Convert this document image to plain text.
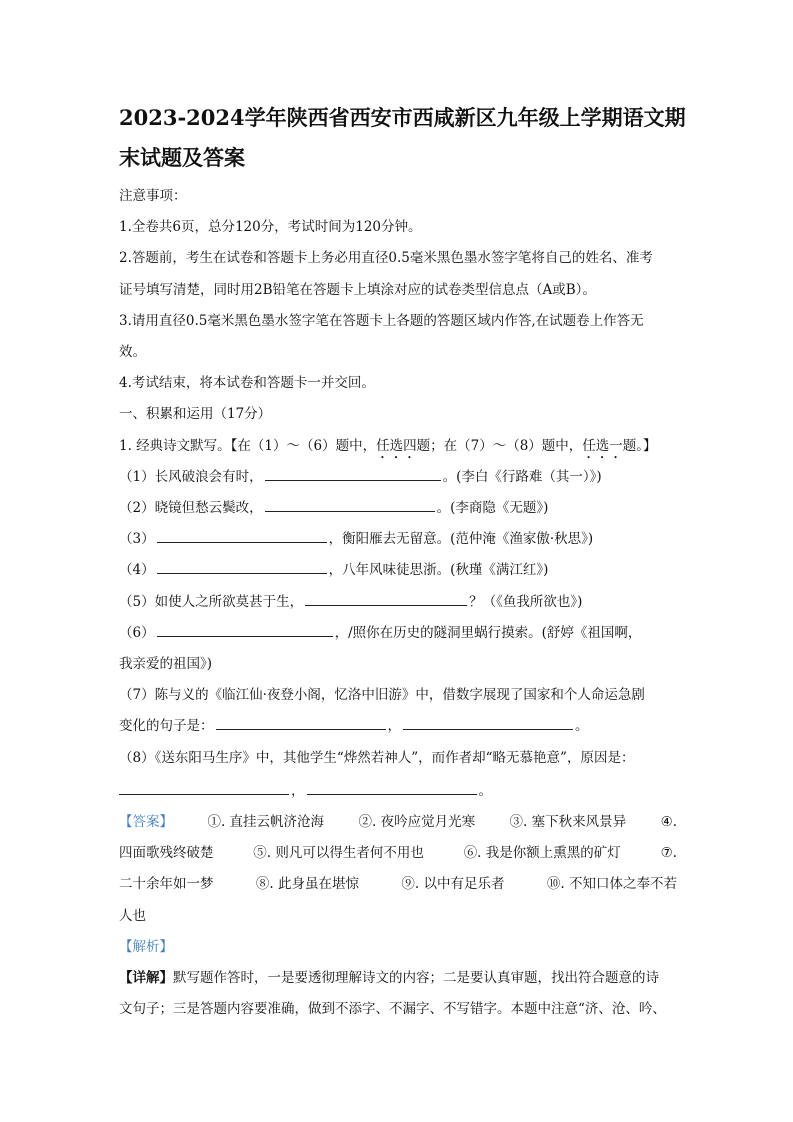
2023-2024学年陕西省西安市西咸新区九年级上学期语文期
末试题及答案
注意事项：
1.全卷共6页，总分120分，考试时间为120分钟。
2.答题前，考生在试卷和答题卡上务必用直径0.5毫米黑色墨水签字笔将自己的姓名、准考
证号填写清楚，同时用2B铅笔在答题卡上填涂对应的试卷类型信息点（A或B）。
3.请用直径0.5毫米黑色墨水签字笔在答题卡上各题的答题区域内作答,在试题卷上作答无
效。
4.考试结束，将本试卷和答题卡一并交回。
一、积累和运用（17分）
1. 经典诗文默写。【在（1）～（6）题中，任选四题；在（7）～（8）题中，任选一题。】
（1）长风破浪会有时，	。(李白《行路难（其一）》)
（2）晓镜但愁云鬓改，	。(李商隐《无题》)
（3）	，衡阳雁去无留意。(范仲淹《渔家傲·秋思》)
（4）	，八年风味徒思浙。(秋瑾《满江红》)
（5）如使人之所欲莫甚于生，	？（《鱼我所欲也》)
（6）	，/照你在历史的隧洞里蜗行摸索。(舒婷《祖国啊，
我亲爱的祖国》)
（7）陈与义的《临江仙·夜登小阁，忆洛中旧游》中，借数字展现了国家和个人命运急剧
变化的句子是：	，	。
（8）《送东阳马生序》中，其他学生“烨然若神人”，而作者却“略无慕艳意”，原因是：
，	。
【答案】	①. 直挂云帆济沧海	②. 夜吟应觉月光寒	③. 塞下秋来风景异	④.
四面歌残终破楚	⑤. 则凡可以得生者何不用也	⑥. 我是你额上熏黑的矿灯	⑦.
二十余年如一梦	⑧. 此身虽在堪惊	⑨. 以中有足乐者	⑩. 不知口体之奉不若
人也
【解析】
【详解】默写题作答时，一是要透彻理解诗文的内容；二是要认真审题，找出符合题意的诗
文句子；三是答题内容要准确，做到不添字、不漏字、不写错字。本题中注意“济、沧、吟、
